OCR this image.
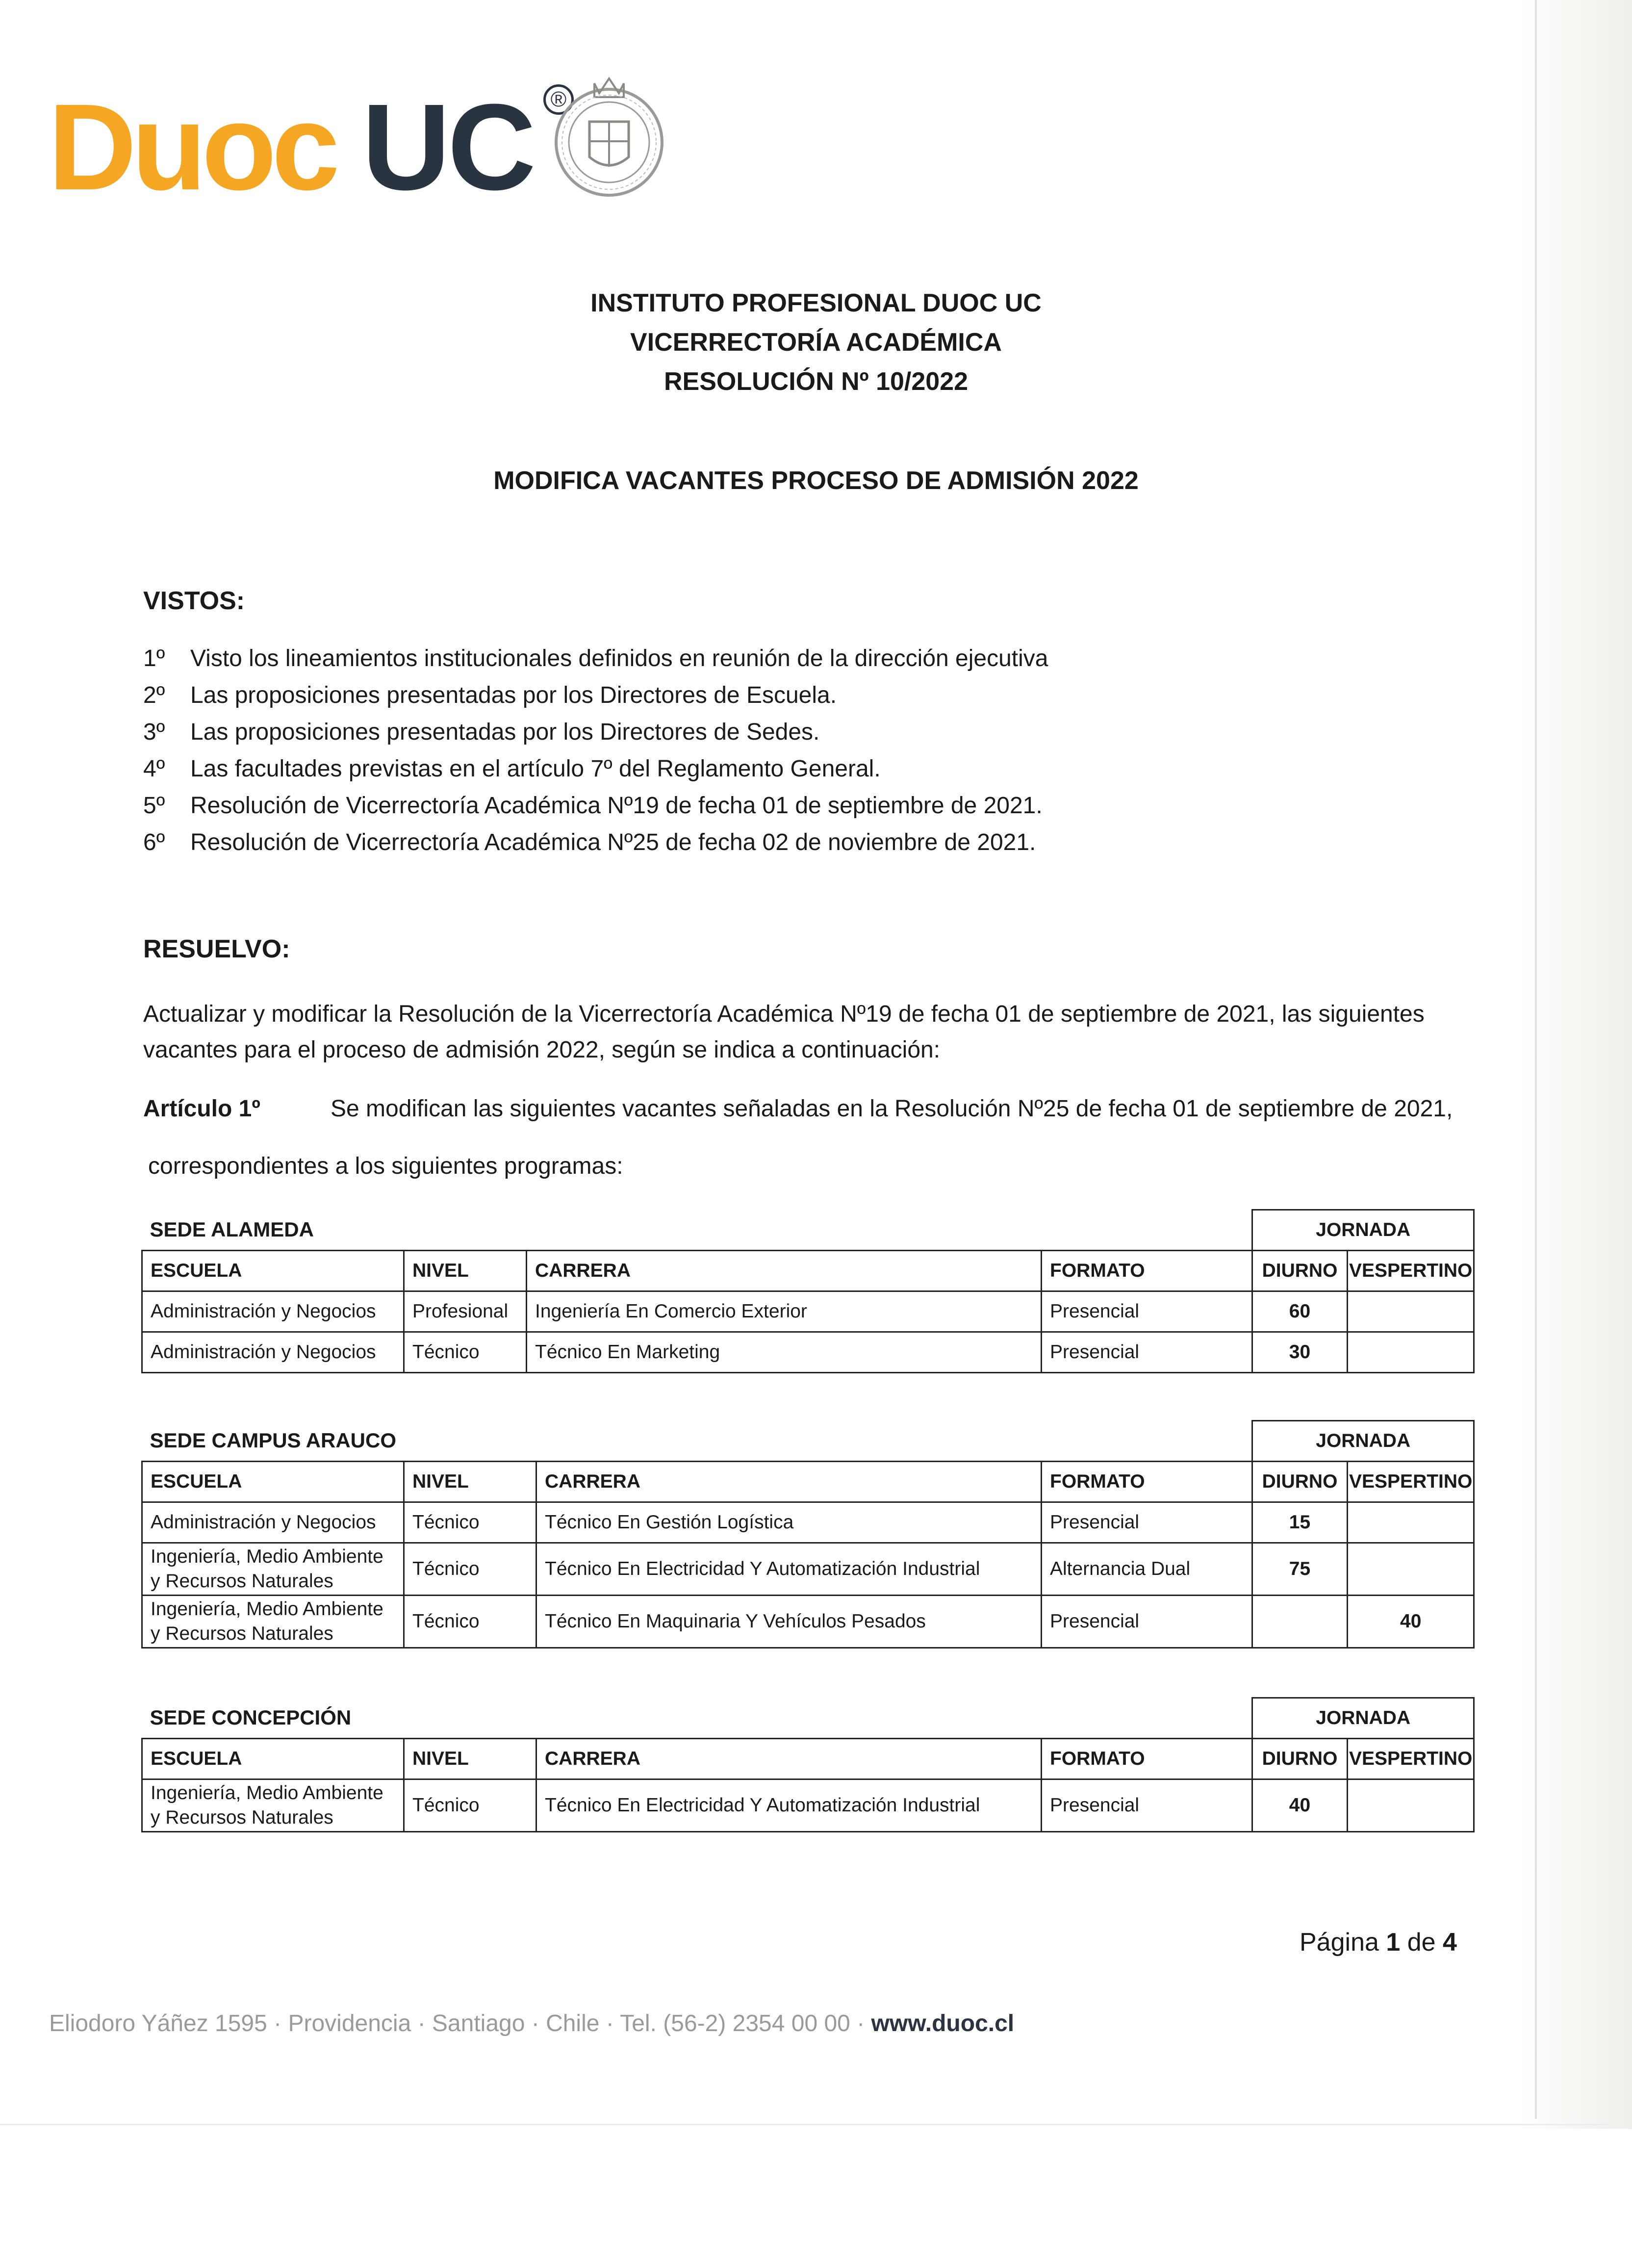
Duoc UC ®
INSTITUTO PROFESIONAL DUOC UC
VICERRECTORÍA ACADÉMICA
RESOLUCIÓN Nº 10/2022
MODIFICA VACANTES PROCESO DE ADMISIÓN 2022
VISTOS:
1º Visto los lineamientos institucionales definidos en reunión de la dirección ejecutiva
2º Las proposiciones presentadas por los Directores de Escuela.
3º Las proposiciones presentadas por los Directores de Sedes.
4º Las facultades previstas en el artículo 7º del Reglamento General.
5º Resolución de Vicerrectoría Académica Nº19 de fecha 01 de septiembre de 2021.
6º Resolución de Vicerrectoría Académica Nº25 de fecha 02 de noviembre de 2021.
RESUELVO:
Actualizar y modificar la Resolución de la Vicerrectoría Académica Nº19 de fecha 01 de septiembre de 2021, las siguientes
vacantes para el proceso de admisión 2022, según se indica a continuación:
Artículo 1º	Se modifican las siguientes vacantes señaladas en la Resolución Nº25 de fecha 01 de septiembre de 2021,
correspondientes a los siguientes programas:
SEDE ALAMEDA				JORNADA	
ESCUELA	NIVEL	CARRERA	FORMATO	DIURNO	VESPERTINO
Administración y Negocios	Profesional	Ingeniería En Comercio Exterior	Presencial	60	
Administración y Negocios	Técnico	Técnico En Marketing	Presencial	30	
SEDE CAMPUS ARAUCO				JORNADA	
ESCUELA	NIVEL	CARRERA	FORMATO	DIURNO	VESPERTINO
Administración y Negocios	Técnico	Técnico En Gestión Logística	Presencial	15	
Ingeniería, Medio Ambiente y Recursos Naturales	Técnico	Técnico En Electricidad Y Automatización Industrial	Alternancia Dual	75	
Ingeniería, Medio Ambiente y Recursos Naturales	Técnico	Técnico En Maquinaria Y Vehículos Pesados	Presencial		40
SEDE CONCEPCIÓN				JORNADA	
ESCUELA	NIVEL	CARRERA	FORMATO	DIURNO	VESPERTINO
Ingeniería, Medio Ambiente y Recursos Naturales	Técnico	Técnico En Electricidad Y Automatización Industrial	Presencial	40	
Página 1 de 4
Eliodoro Yáñez 1595 · Providencia · Santiago · Chile · Tel. (56-2) 2354 00 00 · www.duoc.cl
